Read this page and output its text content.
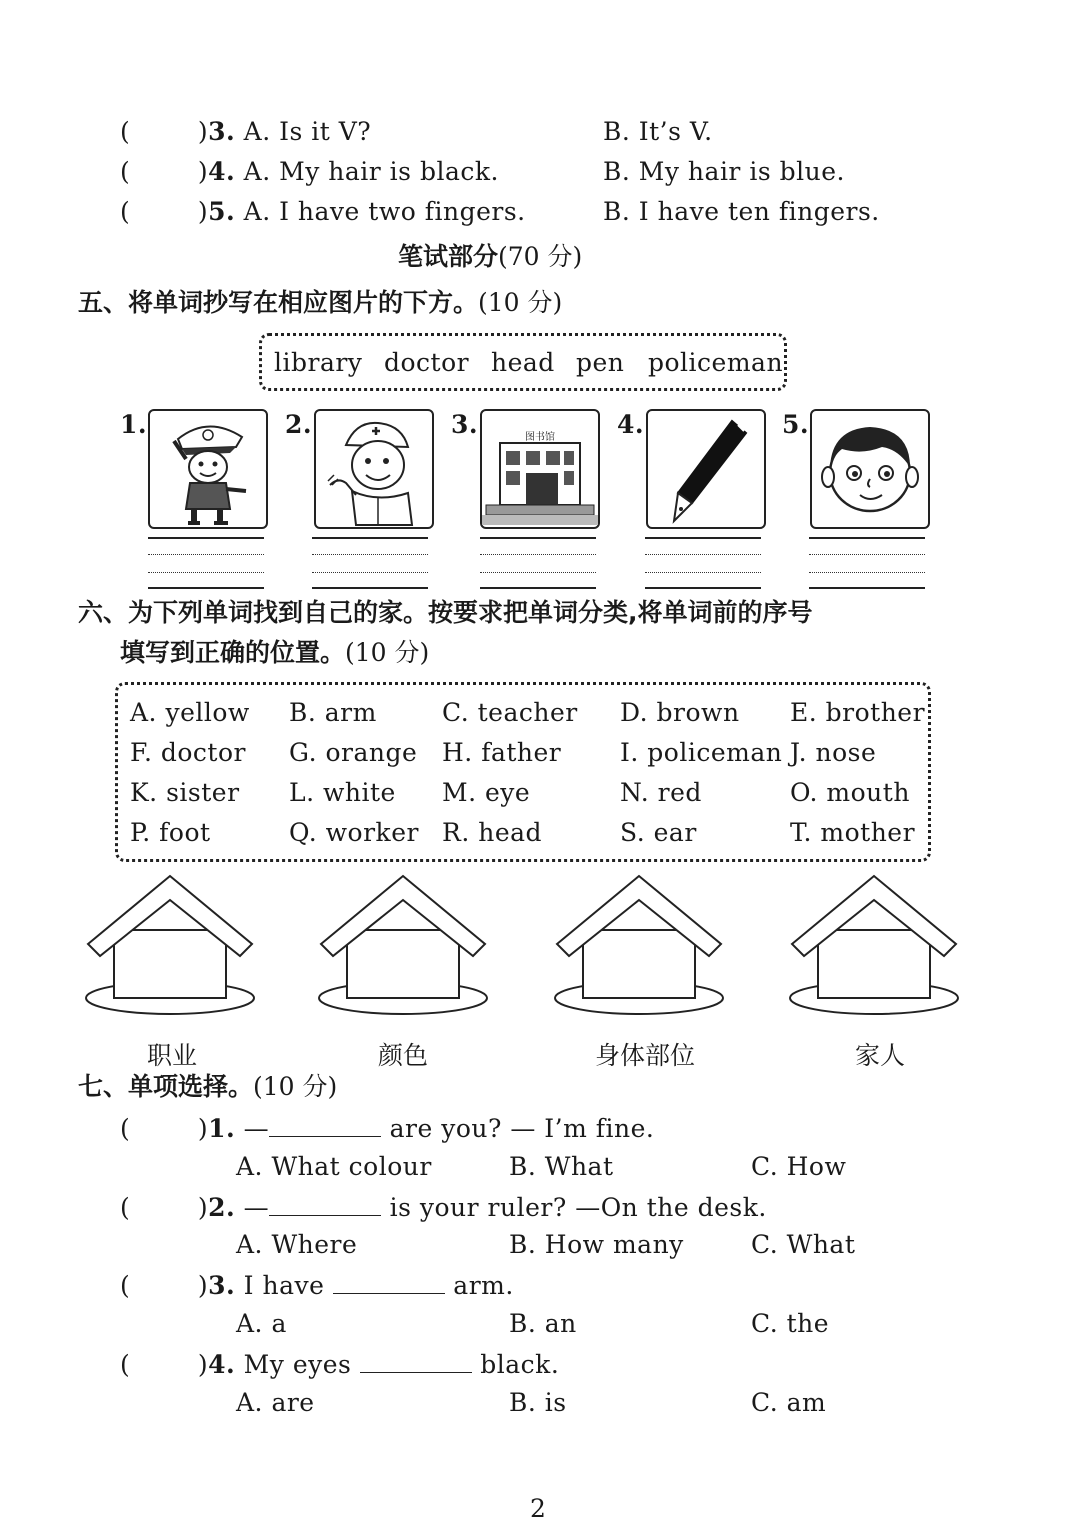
(        )3. A. Is it V?	B. It’s V.
(        )4. A. My hair is black.	B. My hair is blue.
(        )5. A. I have two fingers.	B. I have ten fingers.
笔试部分(70 分)
五、将单词抄写在相应图片的下方。(10 分)
library doctor head pen policeman
1.	2.	3.	4.	5.
图书馆
六、为下列单词找到自己的家。按要求把单词分类,将单词前的序号
填写到正确的位置。(10 分)
A. yellow B. arm	C. teacher D. brown E. brother
F. doctor G. orange H. father I. policeman J. nose
K. sister L. white M. eye	N. red	O. mouth
P. foot	Q. worker R. head	S. ear	T. mother
职业	颜色	身体部位	家人
七、单项选择。(10 分)
(        )1. —	are you? — I’m fine.
A. What colour	B. What	C. How
(        )2. —	is your ruler? —On the desk.
A. Where	B. How many	C. What
(        )3. I have	arm.
A. a	B. an	C. the
(        )4. My eyes	black.
A. are	B. is	C. am
2
